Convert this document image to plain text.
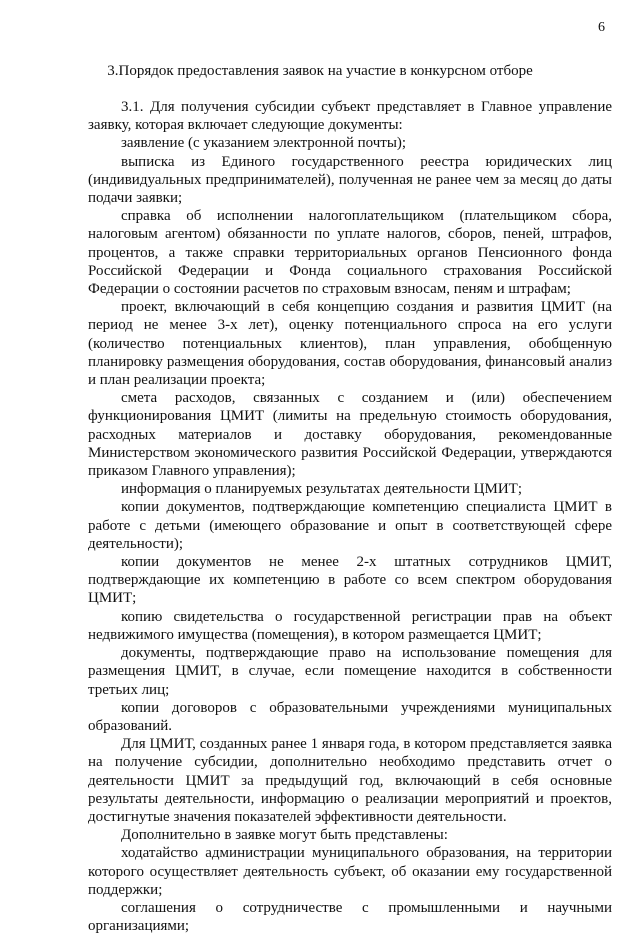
6
3.Порядок предоставления заявок на участие в конкурсном отборе

3.1. Для получения субсидии субъект представляет в Главное управление заявку, которая включает следующие документы:

заявление (с указанием электронной почты);

выписка из Единого государственного реестра юридических лиц (индивидуальных предпринимателей), полученная не ранее чем за месяц до даты подачи заявки;

справка об исполнении налогоплательщиком (плательщиком сбора, налоговым агентом) обязанности по уплате налогов, сборов, пеней, штрафов, процентов, а также справки территориальных органов Пенсионного фонда Российской Федерации и Фонда социального страхования Российской Федерации о состоянии расчетов по страховым взносам, пеням и штрафам;

проект, включающий в себя концепцию создания и развития ЦМИТ (на период не менее 3-х лет), оценку потенциального спроса на его услуги (количество потенциальных клиентов), план управления, обобщенную планировку размещения оборудования, состав оборудования, финансовый анализ и план реализации проекта;

смета расходов, связанных с созданием и (или) обеспечением функционирования ЦМИТ (лимиты на предельную стоимость оборудования, расходных материалов и доставку оборудования, рекомендованные Министерством экономического развития Российской Федерации, утверждаются приказом Главного управления);

информация о планируемых результатах деятельности ЦМИТ;

копии документов, подтверждающие компетенцию специалиста ЦМИТ в работе с детьми (имеющего образование и опыт в соответствующей сфере деятельности);

копии документов не менее 2-х штатных сотрудников ЦМИТ, подтверждающие их компетенцию в работе со всем спектром оборудования ЦМИТ;

копию свидетельства о государственной регистрации прав на объект недвижимого имущества (помещения), в котором размещается ЦМИТ;

документы, подтверждающие право на использование помещения для размещения ЦМИТ, в случае, если помещение находится в собственности третьих лиц;

копии договоров с образовательными учреждениями муниципальных образований.

Для ЦМИТ, созданных ранее 1 января года, в котором представляется заявка на получение субсидии, дополнительно необходимо представить отчет о деятельности ЦМИТ за предыдущий год, включающий в себя основные результаты деятельности, информацию о реализации мероприятий и проектов, достигнутые значения показателей эффективности деятельности.

Дополнительно в заявке могут быть представлены:

ходатайство администрации муниципального образования, на территории которого осуществляет деятельность субъект, об оказании ему государственной поддержки;

соглашения о сотрудничестве с промышленными и научными организациями;
